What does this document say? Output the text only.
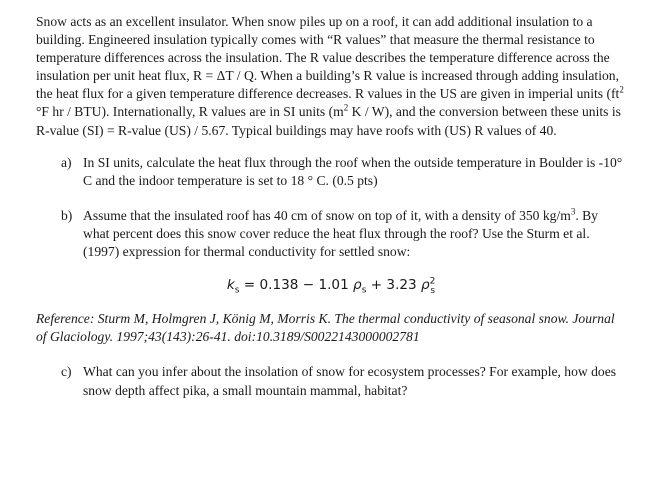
Snow acts as an excellent insulator. When snow piles up on a roof, it can add additional insulation to a building. Engineered insulation typically comes with “R values” that measure the thermal resistance to temperature differences across the insulation. The R value describes the temperature difference across the insulation per unit heat flux, R = ΔT / Q. When a building’s R value is increased through adding insulation, the heat flux for a given temperature difference decreases. R values in the US are given in imperial units ($ft^2$ °F hr / BTU). Internationally, R values are in SI units ($m^2$ K / W), and the conversion between these units is R-value (SI) = R-value (US) / 5.67. Typical buildings may have roofs with (US) R values of 40.

a) In SI units, calculate the heat flux through the roof when the outside temperature in Boulder is -10° C and the indoor temperature is set to 18 ° C. (0.5 pts)
b) Assume that the insulated roof has 40 cm of snow on top of it, with a density of 350 $kg/m^3$. By what percent does this snow cover reduce the heat flux through the roof? Use the Sturm et al. (1997) expression for thermal conductivity for settled snow:
$k_s = 0.138 - 1.01$ $\rho_s + 3.23$ $\rho^2_s$

Reference: Sturm M, Holmgren J, König M, Morris K. The thermal conductivity of seasonal snow. Journal of Glaciology. 1997;43(143):26-41. doi:10.3189/S0022143000002781

c) What can you infer about the insolation of snow for ecosystem processes? For example, how does snow depth affect pika, a small mountain mammal, habitat?
